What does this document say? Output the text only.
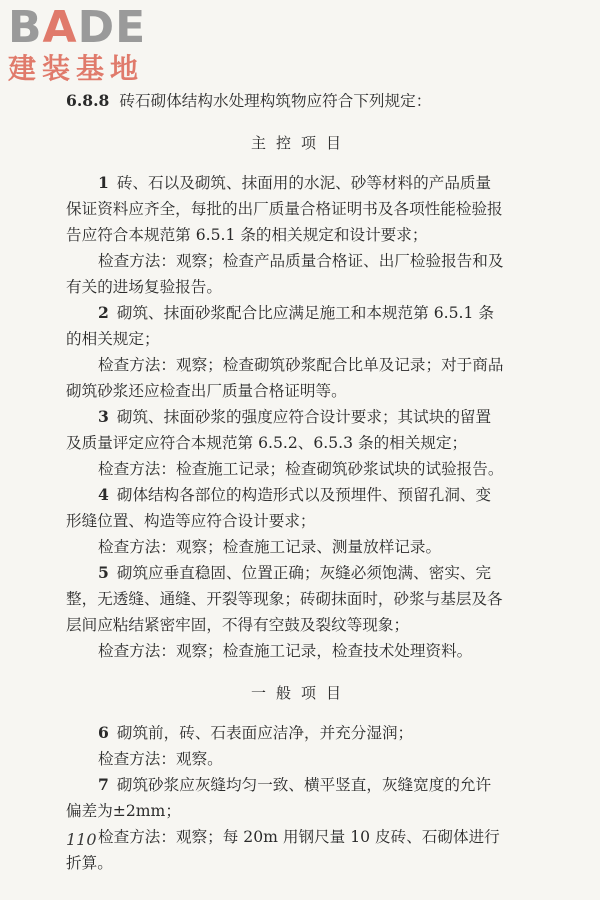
BADE
建装基地
6.8.8 砖石砌体结构水处理构筑物应符合下列规定：
主控项目
1 砖、石以及砌筑、抹面用的水泥、砂等材料的产品质量
保证资料应齐全，每批的出厂质量合格证明书及各项性能检验报
告应符合本规范第 6.5.1 条的相关规定和设计要求；
检查方法：观察；检查产品质量合格证、出厂检验报告和及
有关的进场复验报告。
2 砌筑、抹面砂浆配合比应满足施工和本规范第 6.5.1 条
的相关规定；
检查方法：观察；检查砌筑砂浆配合比单及记录；对于商品
砌筑砂浆还应检查出厂质量合格证明等。
3 砌筑、抹面砂浆的强度应符合设计要求；其试块的留置
及质量评定应符合本规范第 6.5.2、6.5.3 条的相关规定；
检查方法：检查施工记录；检查砌筑砂浆试块的试验报告。
4 砌体结构各部位的构造形式以及预埋件、预留孔洞、变
形缝位置、构造等应符合设计要求；
检查方法：观察；检查施工记录、测量放样记录。
5 砌筑应垂直稳固、位置正确；灰缝必须饱满、密实、完
整，无透缝、通缝、开裂等现象；砖砌抹面时，砂浆与基层及各
层间应粘结紧密牢固，不得有空鼓及裂纹等现象；
检查方法：观察；检查施工记录，检查技术处理资料。
一般项目
6 砌筑前，砖、石表面应洁净，并充分湿润；
检查方法：观察。
7 砌筑砂浆应灰缝均匀一致、横平竖直，灰缝宽度的允许
偏差为±2mm；
检查方法：观察；每 20m 用钢尺量 10 皮砖、石砌体进行
折算。
110
